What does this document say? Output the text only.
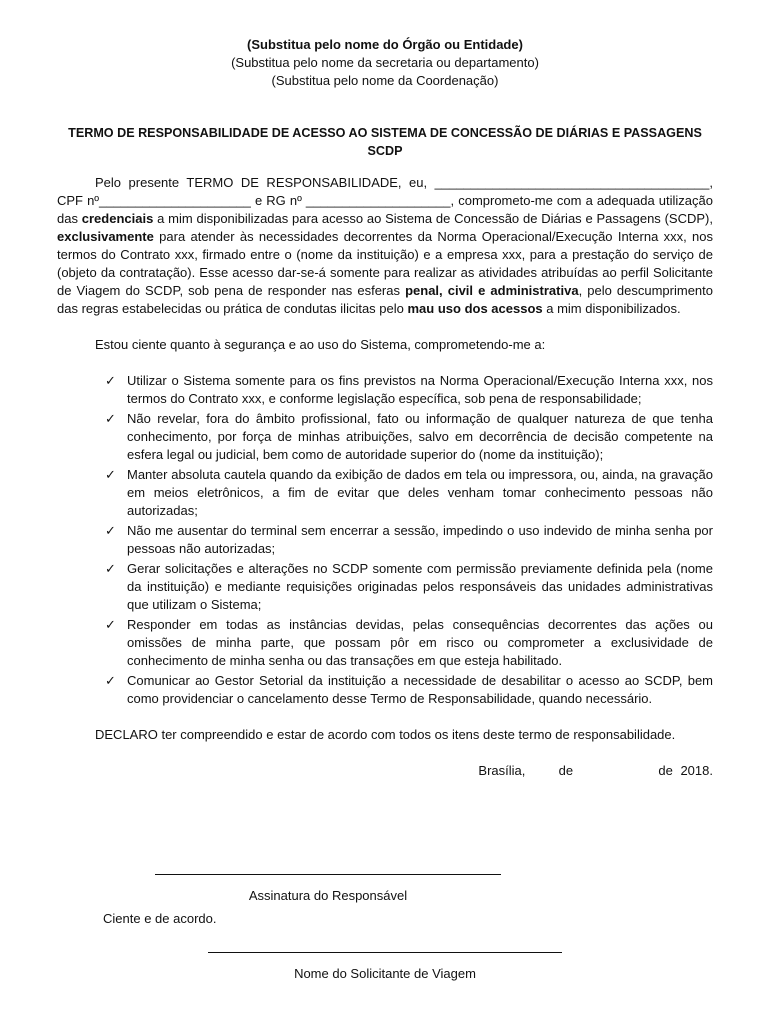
(Substitua pelo nome do Órgão ou Entidade)
(Substitua pelo nome da secretaria ou departamento)
(Substitua pelo nome da Coordenação)
TERMO DE RESPONSABILIDADE DE ACESSO AO SISTEMA DE CONCESSÃO DE DIÁRIAS E PASSAGENS SCDP

Pelo presente TERMO DE RESPONSABILIDADE, eu, ______________________________________, CPF nº_____________________ e RG nº ____________________, comprometo-me com a adequada utilização das credenciais a mim disponibilizadas para acesso ao Sistema de Concessão de Diárias e Passagens (SCDP), exclusivamente para atender às necessidades decorrentes da Norma Operacional/Execução Interna xxx, nos termos do Contrato xxx, firmado entre o (nome da instituição) e a empresa xxx, para a prestação do serviço de (objeto da contratação). Esse acesso dar-se-á somente para realizar as atividades atribuídas ao perfil Solicitante de Viagem do SCDP, sob pena de responder nas esferas penal, civil e administrativa, pelo descumprimento das regras estabelecidas ou prática de condutas ilicitas pelo mau uso dos acessos a mim disponibilizados.

Estou ciente quanto à segurança e ao uso do Sistema, comprometendo-me a:
✓ Utilizar o Sistema somente para os fins previstos na Norma Operacional/Execução Interna xxx, nos termos do Contrato xxx, e conforme legislação específica, sob pena de responsabilidade;
✓ Não revelar, fora do âmbito profissional, fato ou informação de qualquer natureza de que tenha conhecimento, por força de minhas atribuições, salvo em decorrência de decisão competente na esfera legal ou judicial, bem como de autoridade superior do (nome da instituição);
✓ Manter absoluta cautela quando da exibição de dados em tela ou impressora, ou, ainda, na gravação em meios eletrônicos, a fim de evitar que deles venham tomar conhecimento pessoas não autorizadas;
✓ Não me ausentar do terminal sem encerrar a sessão, impedindo o uso indevido de minha senha por pessoas não autorizadas;
✓ Gerar solicitações e alterações no SCDP somente com permissão previamente definida pela (nome da instituição) e mediante requisições originadas pelos responsáveis das unidades administrativas que utilizam o Sistema;
✓ Responder em todas as instâncias devidas, pelas consequências decorrentes das ações ou omissões de minha parte, que possam pôr em risco ou comprometer a exclusividade de conhecimento de minha senha ou das transações em que esteja habilitado.
✓ Comunicar ao Gestor Setorial da instituição a necessidade de desabilitar o acesso ao SCDP, bem como providenciar o cancelamento desse Termo de Responsabilidade, quando necessário.
DECLARO ter compreendido e estar de acordo com todos os itens deste termo de responsabilidade.
Brasília,	de	de 2018.
Assinatura do Responsável
Ciente e de acordo.
Nome do Solicitante de Viagem
